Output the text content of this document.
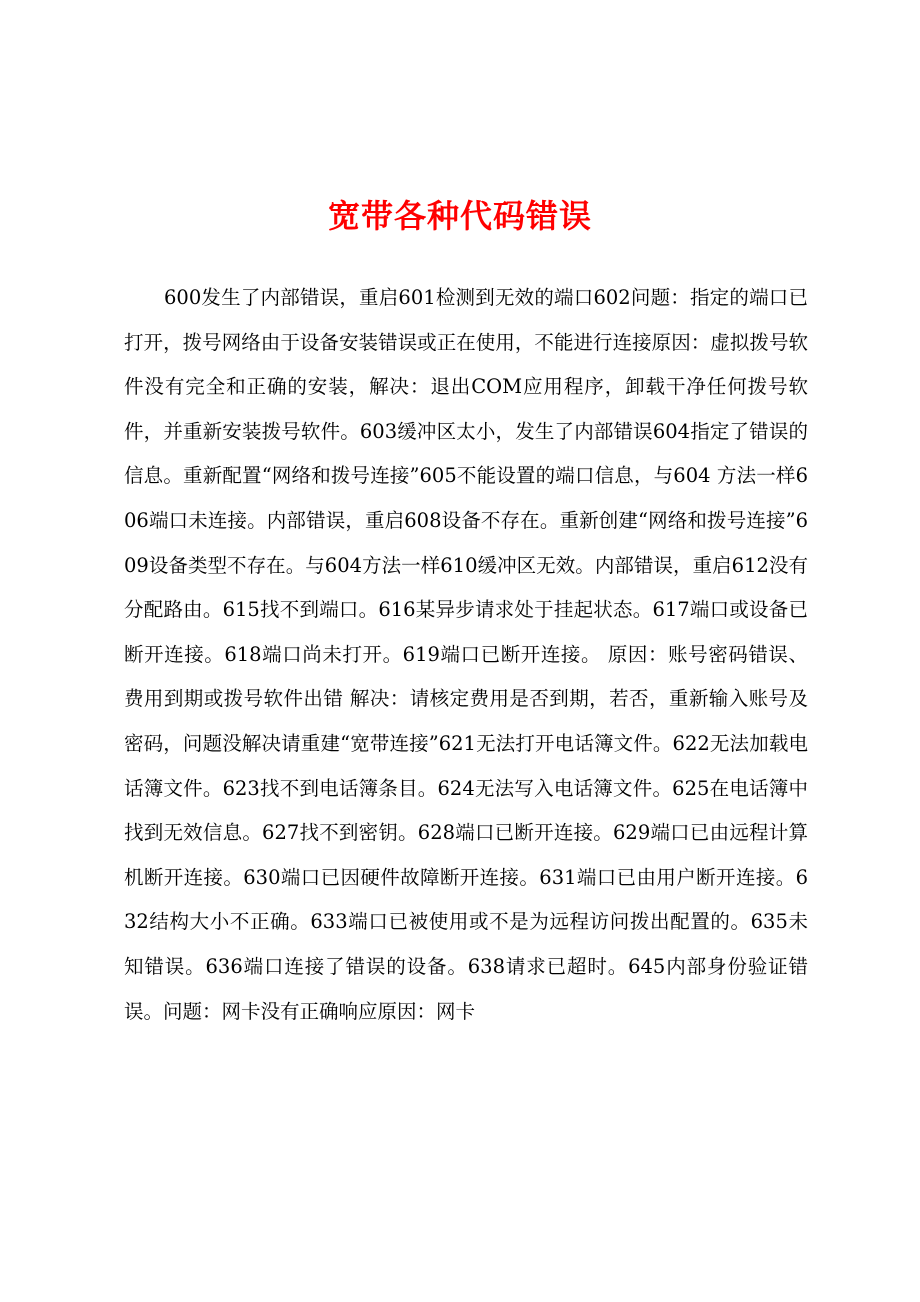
宽带各种代码错误

600发生了内部错误，重启601检测到无效的端口602问题：指定的端口已打开，拨号网络由于设备安装错误或正在使用，不能进行连接原因：虚拟拨号软件没有完全和正确的安装，解决：退出COM应用程序，卸载干净任何拨号软件，并重新安装拨号软件。603缓冲区太小，发生了内部错误604指定了错误的信息。重新配置“网络和拨号连接”605不能设置的端口信息，与604 方法一样606端口未连接。内部错误，重启608设备不存在。重新创建“网络和拨号连接”609设备类型不存在。与604方法一样610缓冲区无效。内部错误，重启612没有分配路由。615找不到端口。616某异步请求处于挂起状态。617端口或设备已断开连接。618端口尚未打开。619端口已断开连接。 原因：账号密码错误、费用到期或拨号软件出错 解决：请核定费用是否到期，若否，重新输入账号及密码，问题没解决请重建“宽带连接”621无法打开电话簿文件。622无法加载电话簿文件。623找不到电话簿条目。624无法写入电话簿文件。625在电话簿中找到无效信息。627找不到密钥。628端口已断开连接。629端口已由远程计算机断开连接。630端口已因硬件故障断开连接。631端口已由用户断开连接。632结构大小不正确。633端口已被使用或不是为远程访问拨出配置的。635未知错误。636端口连接了错误的设备。638请求已超时。645内部身份验证错误。问题：网卡没有正确响应原因：网卡
